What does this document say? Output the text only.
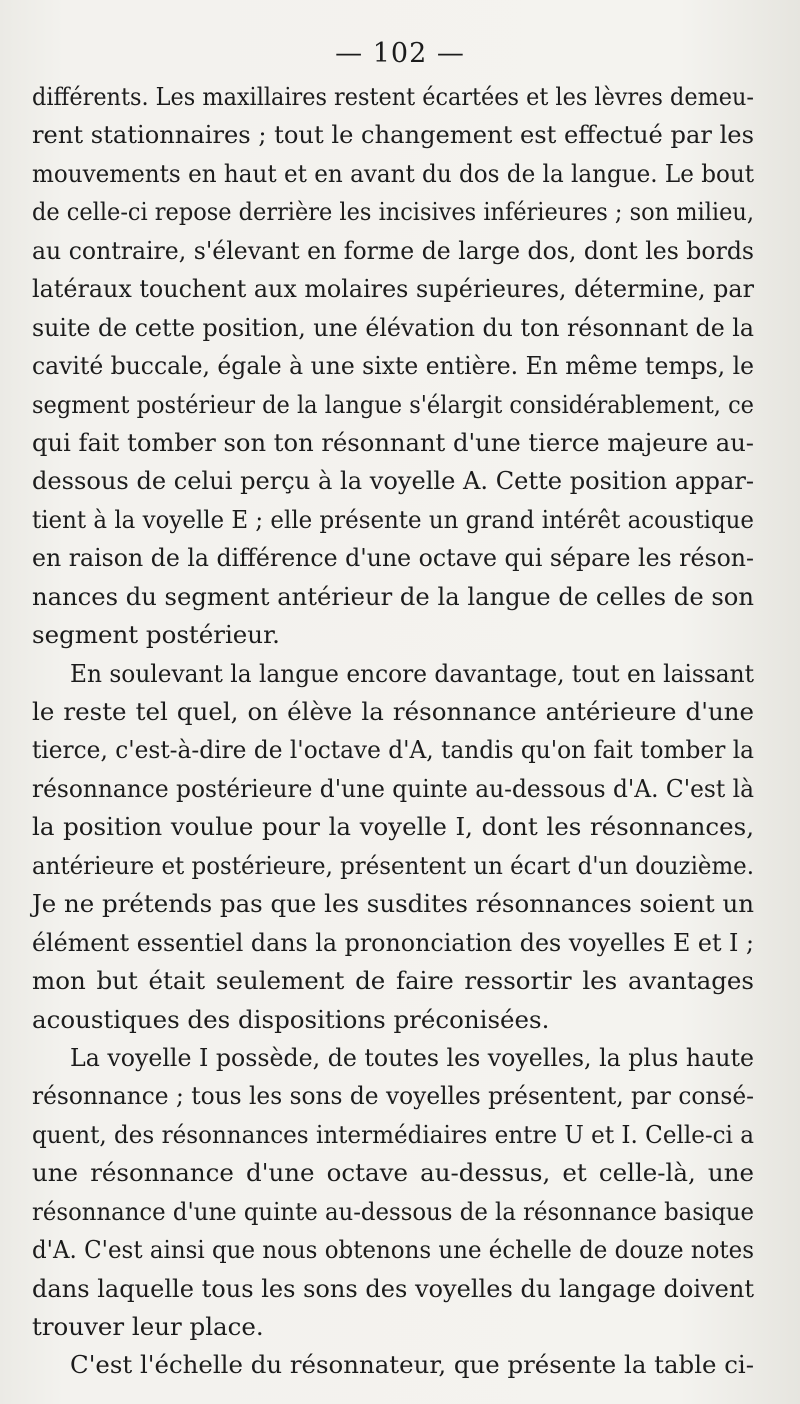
— 102 —
différents. Les maxillaires restent écartées et les lèvres demeu-
rent stationnaires ; tout le changement est effectué par les
mouvements en haut et en avant du dos de la langue. Le bout
de celle-ci repose derrière les incisives inférieures ; son milieu,
au contraire, s'élevant en forme de large dos, dont les bords
latéraux touchent aux molaires supérieures, détermine, par
suite de cette position, une élévation du ton résonnant de la
cavité buccale, égale à une sixte entière. En même temps, le
segment postérieur de la langue s'élargit considérablement, ce
qui fait tomber son ton résonnant d'une tierce majeure au-
dessous de celui perçu à la voyelle A. Cette position appar-
tient à la voyelle E ; elle présente un grand intérêt acoustique
en raison de la différence d'une octave qui sépare les réson-
nances du segment antérieur de la langue de celles de son
segment postérieur.
En soulevant la langue encore davantage, tout en laissant
le reste tel quel, on élève la résonnance antérieure d'une
tierce, c'est-à-dire de l'octave d'A, tandis qu'on fait tomber la
résonnance postérieure d'une quinte au-dessous d'A. C'est là
la position voulue pour la voyelle I, dont les résonnances,
antérieure et postérieure, présentent un écart d'un douzième.
Je ne prétends pas que les susdites résonnances soient un
élément essentiel dans la prononciation des voyelles E et I ;
mon but était seulement de faire ressortir les avantages
acoustiques des dispositions préconisées.
La voyelle I possède, de toutes les voyelles, la plus haute
résonnance ; tous les sons de voyelles présentent, par consé-
quent, des résonnances intermédiaires entre U et I. Celle-ci a
une résonnance d'une octave au-dessus, et celle-là, une
résonnance d'une quinte au-dessous de la résonnance basique
d'A. C'est ainsi que nous obtenons une échelle de douze notes
dans laquelle tous les sons des voyelles du langage doivent
trouver leur place.
C'est l'échelle du résonnateur, que présente la table ci-
